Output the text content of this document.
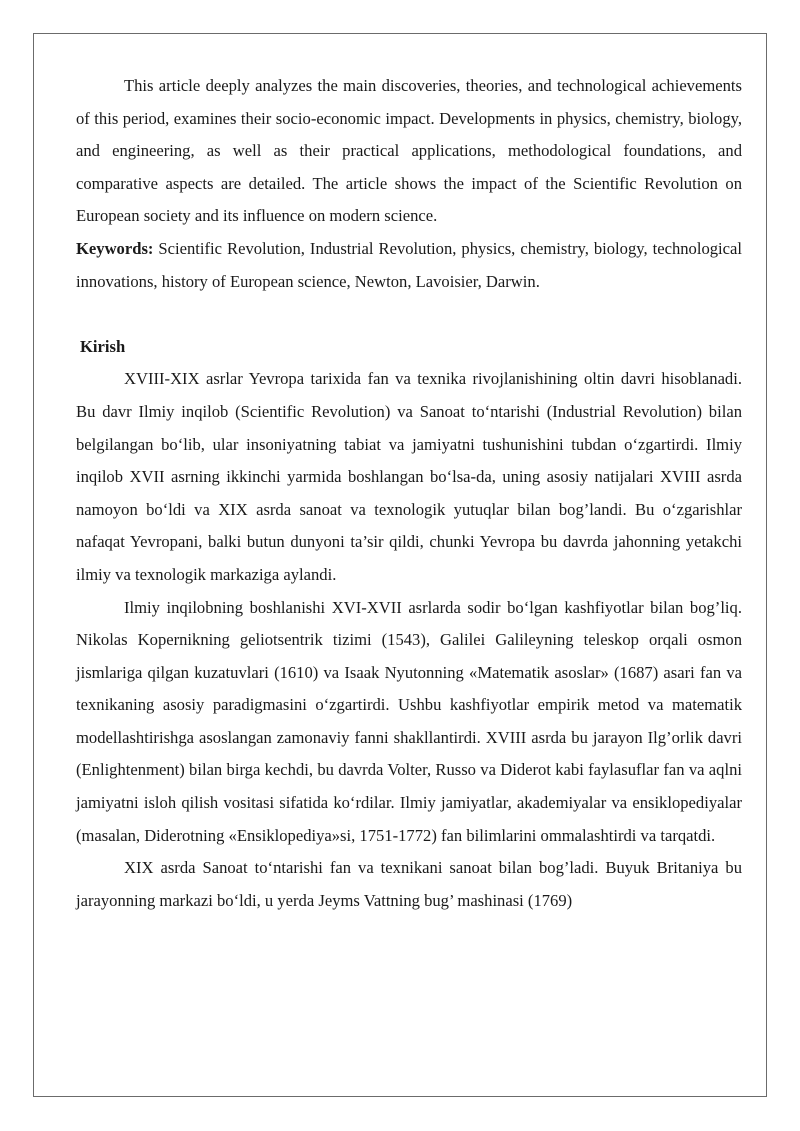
This article deeply analyzes the main discoveries, theories, and technological achievements of this period, examines their socio-economic impact. Developments in physics, chemistry, biology, and engineering, as well as their practical applications, methodological foundations, and comparative aspects are detailed. The article shows the impact of the Scientific Revolution on European society and its influence on modern science.

Keywords: Scientific Revolution, Industrial Revolution, physics, chemistry, biology, technological innovations, history of European science, Newton, Lavoisier, Darwin.

Kirish

XVIII-XIX asrlar Yevropa tarixida fan va texnika rivojlanishining oltin davri hisoblanadi. Bu davr Ilmiy inqilob (Scientific Revolution) va Sanoat to‘ntarishi (Industrial Revolution) bilan belgilangan bo‘lib, ular insoniyatning tabiat va jamiyatni tushunishini tubdan o‘zgartirdi. Ilmiy inqilob XVII asrning ikkinchi yarmida boshlangan bo‘lsa-da, uning asosiy natijalari XVIII asrda namoyon bo‘ldi va XIX asrda sanoat va texnologik yutuqlar bilan bog’landi. Bu o‘zgarishlar nafaqat Yevropani, balki butun dunyoni ta’sir qildi, chunki Yevropa bu davrda jahonning yetakchi ilmiy va texnologik markaziga aylandi.

Ilmiy inqilobning boshlanishi XVI-XVII asrlarda sodir bo‘lgan kashfiyotlar bilan bog’liq. Nikolas Kopernikning geliotsentrik tizimi (1543), Galilei Galileyning teleskop orqali osmon jismlariga qilgan kuzatuvlari (1610) va Isaak Nyutonning «Matematik asoslar» (1687) asari fan va texnikaning asosiy paradigmasini o‘zgartirdi. Ushbu kashfiyotlar empirik metod va matematik modellashtirishga asoslangan zamonaviy fanni shakllantirdi. XVIII asrda bu jarayon Ilg’orlik davri (Enlightenment) bilan birga kechdi, bu davrda Volter, Russo va Diderot kabi faylasuflar fan va aqlni jamiyatni isloh qilish vositasi sifatida ko‘rdilar. Ilmiy jamiyatlar, akademiyalar va ensiklopediyalar (masalan, Diderotning «Ensiklopediya»si, 1751-1772) fan bilimlarini ommalashtirdi va tarqatdi.

XIX asrda Sanoat to‘ntarishi fan va texnikani sanoat bilan bog’ladi. Buyuk Britaniya bu jarayonning markazi bo‘ldi, u yerda Jeyms Vattning bug’ mashinasi (1769)
